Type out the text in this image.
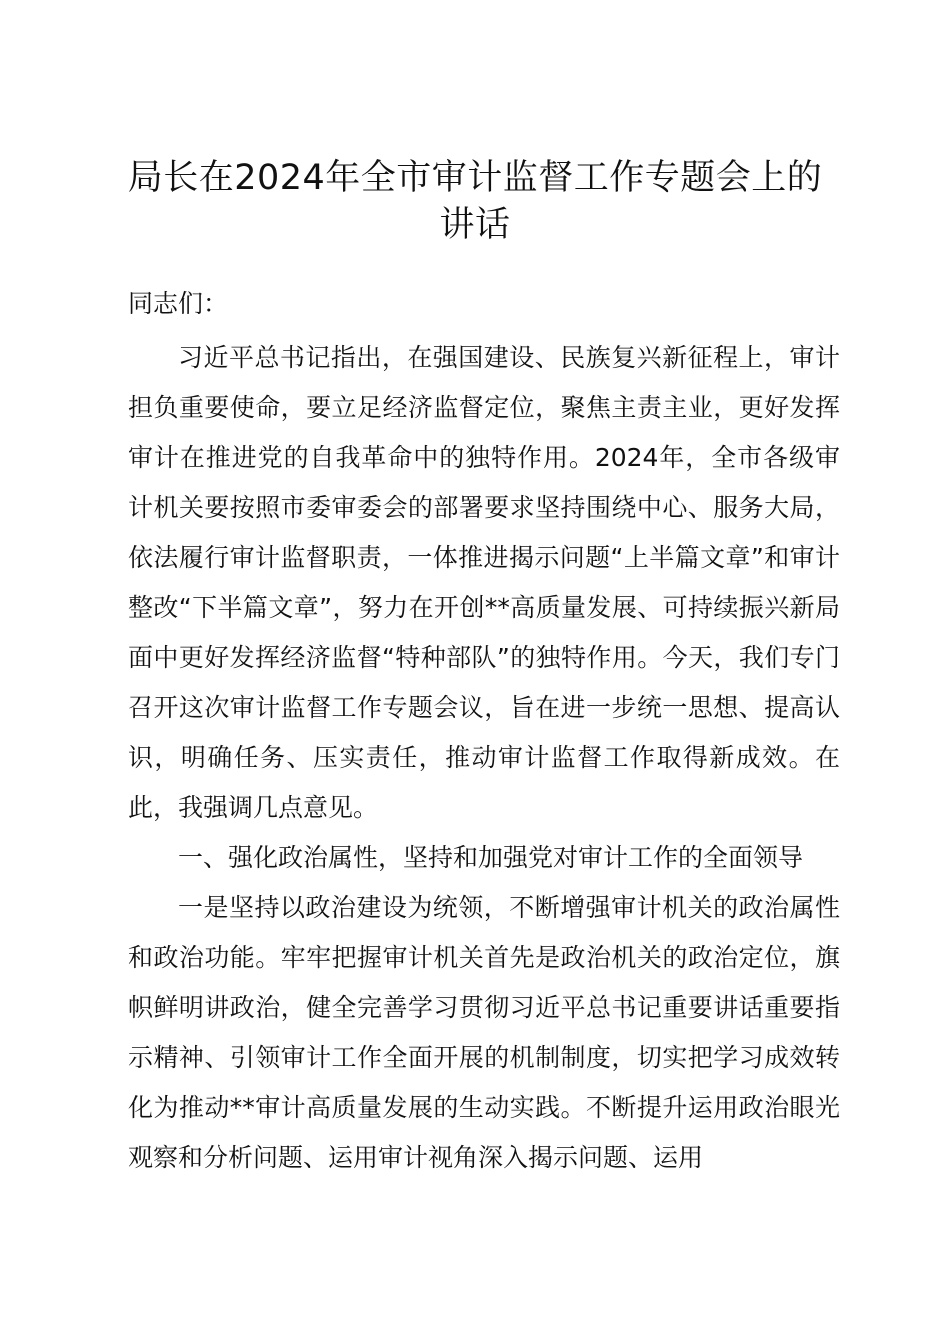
局长在2024年全市审计监督工作专题会上的
讲话

同志们：

习近平总书记指出，在强国建设、民族复兴新征程上，审计担负重要使命，要立足经济监督定位，聚焦主责主业，更好发挥审计在推进党的自我革命中的独特作用。2024年，全市各级审计机关要按照市委审委会的部署要求坚持围绕中心、服务大局，依法履行审计监督职责，一体推进揭示问题“上半篇文章”和审计整改“下半篇文章”，努力在开创**高质量发展、可持续振兴新局面中更好发挥经济监督“特种部队”的独特作用。今天，我们专门召开这次审计监督工作专题会议，旨在进一步统一思想、提高认识，明确任务、压实责任，推动审计监督工作取得新成效。在此，我强调几点意见。

一、强化政治属性，坚持和加强党对审计工作的全面领导

一是坚持以政治建设为统领，不断增强审计机关的政治属性和政治功能。牢牢把握审计机关首先是政治机关的政治定位，旗帜鲜明讲政治，健全完善学习贯彻习近平总书记重要讲话重要指示精神、引领审计工作全面开展的机制制度，切实把学习成效转化为推动**审计高质量发展的生动实践。不断提升运用政治眼光观察和分析问题、运用审计视角深入揭示问题、运用
